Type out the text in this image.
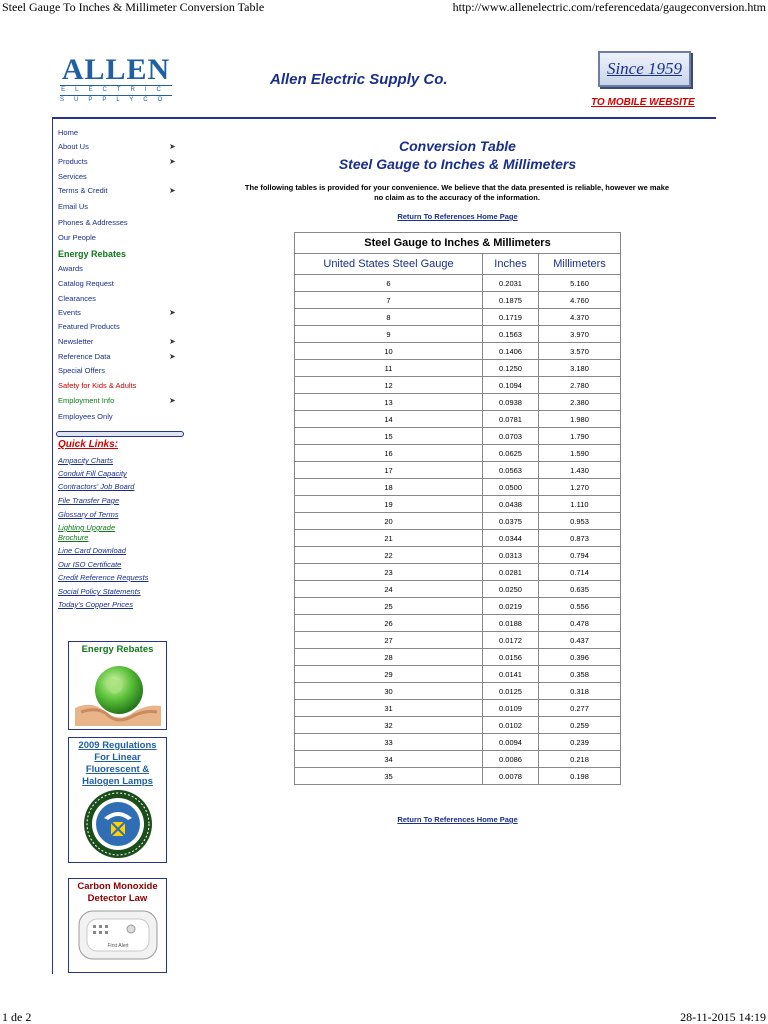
Steel Gauge To Inches & Millimeter Conversion Table	http://www.allenelectric.com/referencedata/gaugeconversion.htm
ALLEN
ELECTRIC
SUPPLYCO
Allen Electric Supply Co.
Since 1959
TO MOBILE WEBSITE
Home
About Us	➤
Products	➤
Services
Terms & Credit	➤
Email Us
Phones & Addresses
Our People
Energy Rebates
Awards
Catalog Request
Clearances
Events	➤
Featured Products
Newsletter	➤
Reference Data	➤
Special Offers
Safety for Kids & Adults
Employment Info	➤
Employees Only
Quick Links:
Ampacity Charts
Conduit Fill Capacity
Contractors' Job Board
File Transfer Page
Glossary of Terms
Lighting Upgrade
Brochure
Line Card Download
Our ISO Certificate
Credit Reference Requests
Social Policy Statements
Today's Copper Prices
Energy Rebates
2009 Regulations
For Linear
Fluorescent &
Halogen Lamps
Carbon Monoxide
Detector Law
First Alert
Conversion Table
Steel Gauge to Inches & Millimeters
The following tables is provided for your convenience. We believe that the data presented is reliable, however we make
no claim as to the accuracy of the information.
Return To References Home Page
Steel Gauge to Inches & Millimeters		
United States Steel Gauge	Inches	Millimeters
6	0.2031	5.160
7	0.1875	4.760
8	0.1719	4.370
9	0.1563	3.970
10	0.1406	3.570
11	0.1250	3.180
12	0.1094	2.780
13	0.0938	2.380
14	0.0781	1.980
15	0.0703	1.790
16	0.0625	1.590
17	0.0563	1.430
18	0.0500	1.270
19	0.0438	1.110
20	0.0375	0.953
21	0.0344	0.873
22	0.0313	0.794
23	0.0281	0.714
24	0.0250	0.635
25	0.0219	0.556
26	0.0188	0.478
27	0.0172	0.437
28	0.0156	0.396
29	0.0141	0.358
30	0.0125	0.318
31	0.0109	0.277
32	0.0102	0.259
33	0.0094	0.239
34	0.0086	0.218
35	0.0078	0.198
Return To References Home Page
1 de 2	28-11-2015 14:19
